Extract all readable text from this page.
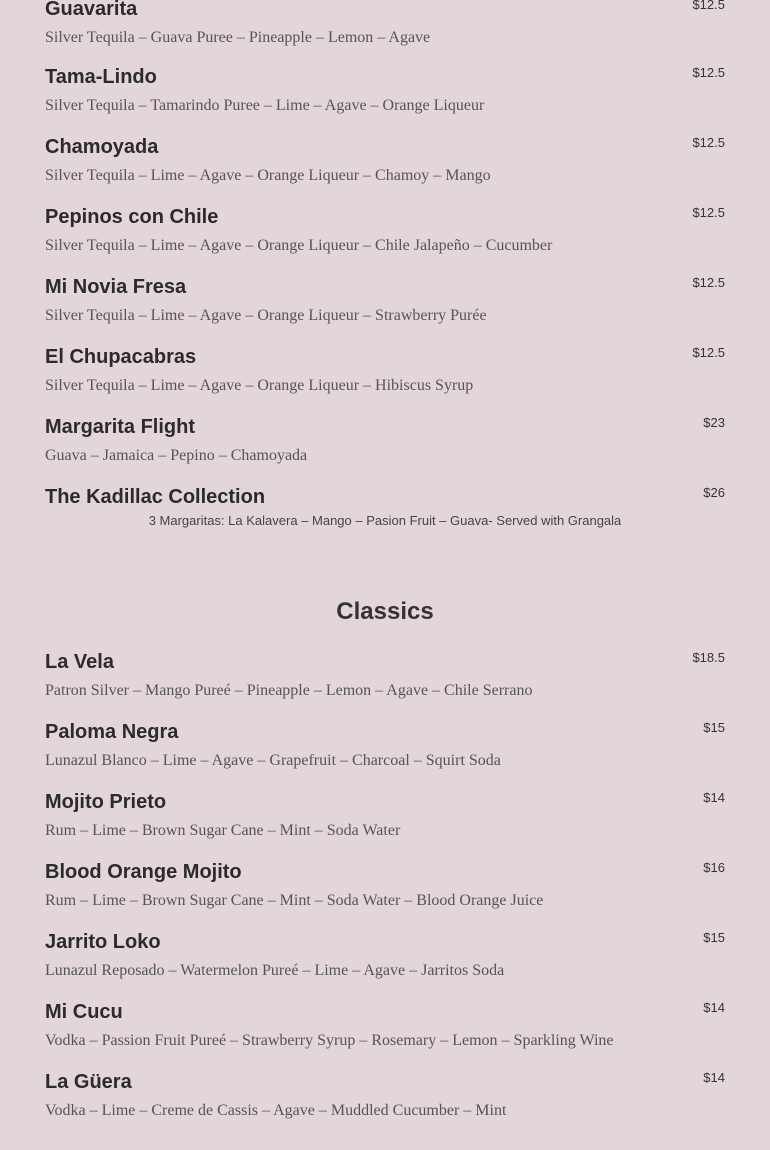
Guavarita	$12.5
Silver Tequila – Guava Puree – Pineapple – Lemon – Agave
Tama-Lindo	$12.5
Silver Tequila – Tamarindo Puree – Lime – Agave – Orange Liqueur
Chamoyada	$12.5
Silver Tequila – Lime – Agave – Orange Liqueur – Chamoy – Mango
Pepinos con Chile	$12.5
Silver Tequila – Lime – Agave – Orange Liqueur – Chile Jalapeño – Cucumber
Mi Novia Fresa	$12.5
Silver Tequila – Lime – Agave – Orange Liqueur – Strawberry Purée
El Chupacabras	$12.5
Silver Tequila – Lime – Agave – Orange Liqueur – Hibiscus Syrup
Margarita Flight	$23
Guava – Jamaica – Pepino – Chamoyada
The Kadillac Collection	$26
3 Margaritas: La Kalavera – Mango – Pasion Fruit – Guava- Served with Grangala
Classics
La Vela	$18.5
Patron Silver – Mango Pureé – Pineapple – Lemon – Agave – Chile Serrano
Paloma Negra	$15
Lunazul Blanco – Lime – Agave – Grapefruit – Charcoal – Squirt Soda
Mojito Prieto	$14
Rum – Lime – Brown Sugar Cane – Mint – Soda Water
Blood Orange Mojito	$16
Rum – Lime – Brown Sugar Cane – Mint – Soda Water – Blood Orange Juice
Jarrito Loko	$15
Lunazul Reposado – Watermelon Pureé – Lime – Agave – Jarritos Soda
Mi Cucu	$14
Vodka – Passion Fruit Pureé – Strawberry Syrup – Rosemary – Lemon – Sparkling Wine
La Güera	$14
Vodka – Lime – Creme de Cassis – Agave – Muddled Cucumber – Mint
